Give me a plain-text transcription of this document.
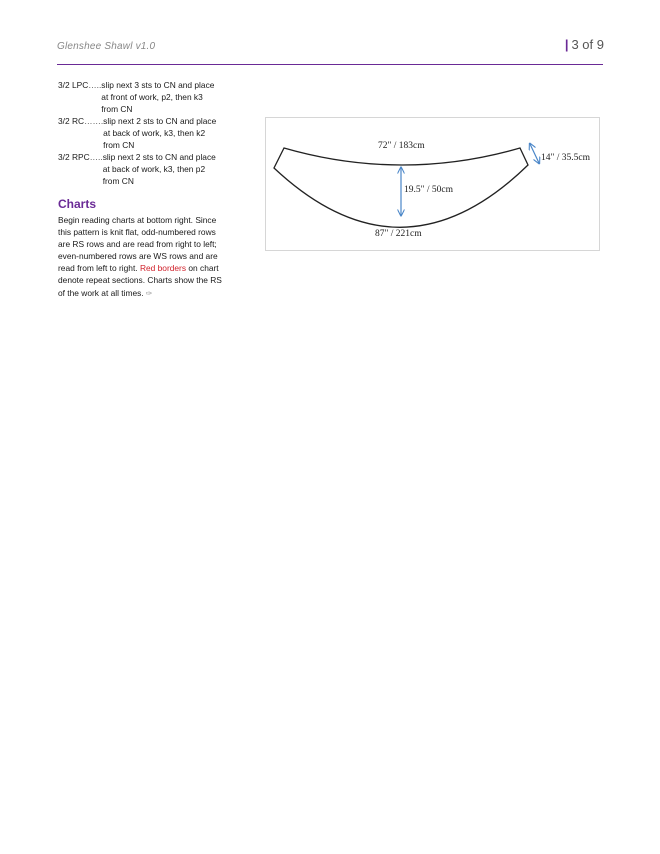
Glenshee Shawl v1.0	| 3 of 9
3/2 LPC ….. slip next 3 sts to CN and place
at front of work, p2, then k3
from CN
3/2 RC ……. slip next 2 sts to CN and place
at back of work, k3, then k2
from CN
3/2 RPC ….. slip next 2 sts to CN and place
at back of work, k3, then p2
from CN
Charts
Begin reading charts at bottom right. Since this pattern is knit flat, odd-numbered rows are RS rows and are read from right to left; even-numbered rows are WS rows and are read from left to right. Red borders on chart denote repeat sections. Charts show the RS of the work at all times. ✑
72" / 183cm
14" / 35.5cm
19.5" / 50cm
87" / 221cm
